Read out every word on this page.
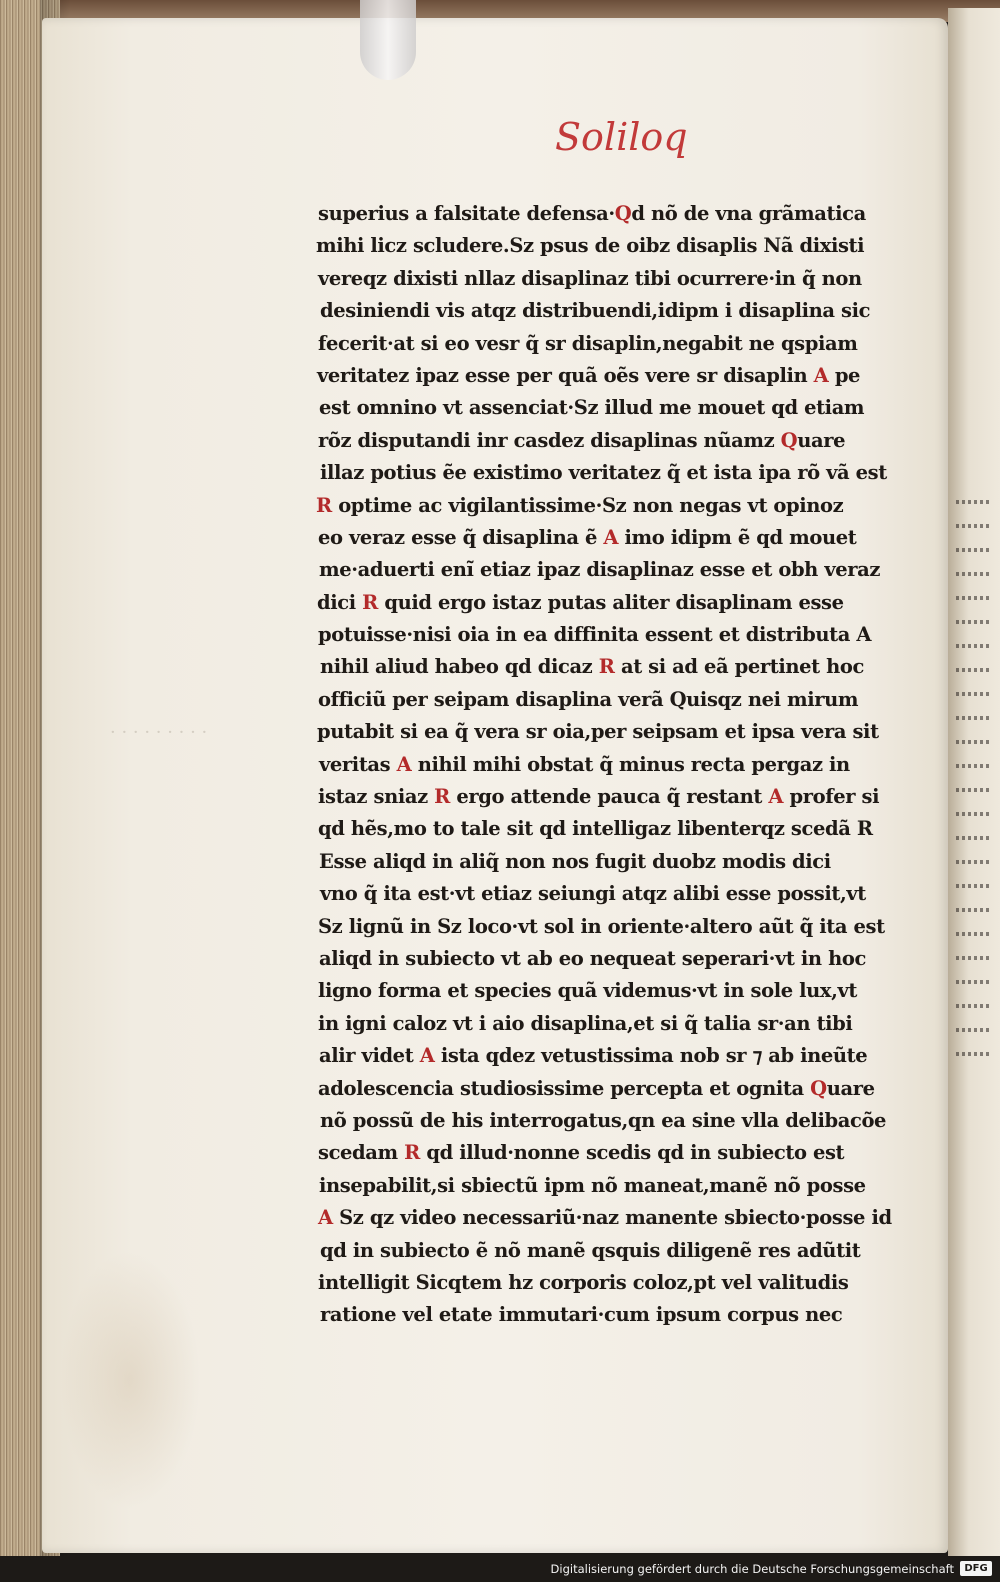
Soliloq
· · · · · · · · ·
superius a falsitate defensa·Qd nõ de vna grãmatica
mihi licz scludere.Sz psus de oibz disaplis Nã dixisti
vereqz dixisti nllaz disaplinaz tibi ocurrere·in q̃ non
desiniendi vis atqz distribuendi,idipm i disaplina sic
fecerit·at si eo vesr q̃ sr disaplin,negabit ne qspiam
veritatez ipaz esse per quã oẽs vere sr disaplin A pe
est omnino vt assenciat·Sz illud me mouet qd etiam
rõz disputandi inr casdez disaplinas nũamz Quare
illaz potius ẽe existimo veritatez q̃ et ista ipa rõ vã est
R optime ac vigilantissime·Sz non negas vt opinoz
eo veraz esse q̃ disaplina ẽ A imo idipm ẽ qd mouet
me·aduerti enĩ etiaz ipaz disaplinaz esse et obh veraz
dici R quid ergo istaz putas aliter disaplinam esse
potuisse·nisi oia in ea diffinita essent et distributa A
nihil aliud habeo qd dicaz R at si ad eã pertinet hoc
officiũ per seipam disaplina verã Quisqz nei mirum
putabit si ea q̃ vera sr oia,per seipsam et ipsa vera sit
veritas A nihil mihi obstat q̃ minus recta pergaz in
istaz sniaz R ergo attende pauca q̃ restant A profer si
qd hẽs,mo to tale sit qd intelligaz libenterqz scedã R
Esse aliqd in aliq̃ non nos fugit duobz modis dici
vno q̃ ita est·vt etiaz seiungi atqz alibi esse possit,vt
Sz lignũ in Sz loco·vt sol in oriente·altero aũt q̃ ita est
aliqd in subiecto vt ab eo nequeat seperari·vt in hoc
ligno forma et species quã videmus·vt in sole lux,vt
in igni caloz vt i aio disaplina,et si q̃ talia sr·an tibi
alir videt A ista qdez vetustissima nob sr ⁊ ab ineũte
adolescencia studiosissime percepta et ognita Quare
nõ possũ de his interrogatus,qn ea sine vlla delibacõe
scedam R qd illud·nonne scedis qd in subiecto est
insepabilit,si sbiectũ ipm nõ maneat,manẽ nõ posse
A Sz qz video necessariũ·naz manente sbiecto·posse id
qd in subiecto ẽ nõ manẽ qsquis diligenẽ res adũtit
intelligit Sicqtem hz corporis coloz,pt vel valitudis
ratione vel etate immutari·cum ipsum corpus nec
Digitalisierung gefördert durch die Deutsche Forschungsgemeinschaft	DFG
